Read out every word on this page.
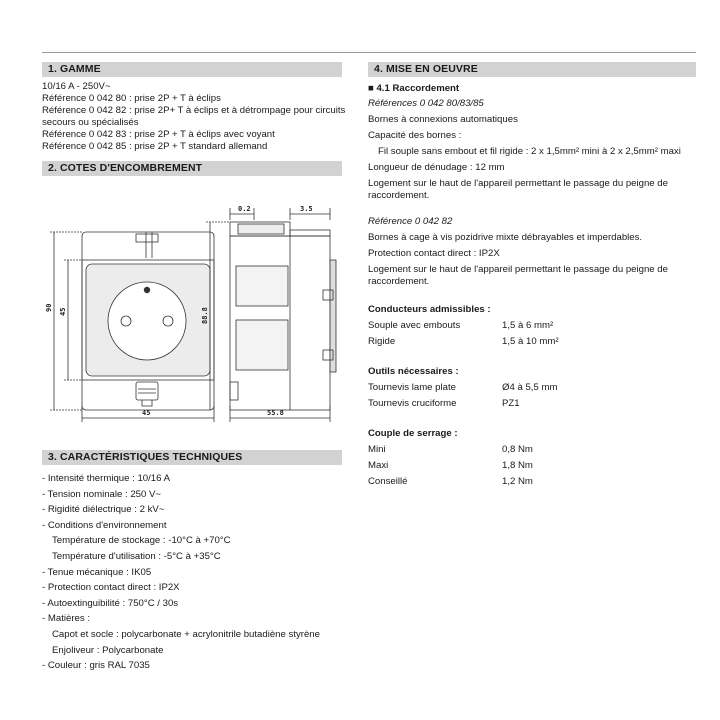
1. GAMME
10/16 A - 250V~
Référence 0 042 80 : prise 2P + T à éclips
Référence 0 042 82 : prise 2P+ T à éclips et à détrompage pour circuits
secours ou spécialisés
Référence 0 042 83 : prise 2P + T à éclips avec voyant
Référence 0 042 85 : prise 2P + T standard allemand
2. COTES D'ENCOMBREMENT
90 45
45
88.8
0.2	3.5
55.8
3. CARACTÉRISTIQUES TECHNIQUES
- Intensité thermique : 10/16 A
- Tension nominale : 250 V~
- Rigidité diélectrique : 2 kV~
- Conditions d'environnement
Température de stockage : -10°C à +70°C
Température d'utilisation : -5°C à +35°C
- Tenue mécanique : IK05
- Protection contact direct : IP2X
- Autoextinguibilité : 750°C / 30s
- Matières :
Capot et socle : polycarbonate + acrylonitrile butadiène styrène
Enjoliveur : Polycarbonate
- Couleur : gris RAL 7035
4. MISE EN OEUVRE
■ 4.1 Raccordement
Références 0 042 80/83/85
Bornes à connexions automatiques
Capacité des bornes :
Fil souple sans embout et fil rigide : 2 x 1,5mm² mini à 2 x 2,5mm² maxi
Longueur de dénudage : 12 mm
Logement sur le haut de l'appareil permettant le passage du peigne de
raccordement.
Référence 0 042 82
Bornes à cage à vis pozidrive mixte débrayables et imperdables.
Protection contact direct : IP2X
Logement sur le haut de l'appareil permettant le passage du peigne de
raccordement.
Conducteurs admissibles :
Souple avec embouts	1,5 à 6 mm²
Rigide	1,5 à 10 mm²
Outils nécessaires :
Tournevis lame plate	Ø4 à 5,5 mm
Tournevis cruciforme	PZ1
Couple de serrage :
Mini	0,8 Nm
Maxi	1,8 Nm
Conseillé	1,2 Nm
